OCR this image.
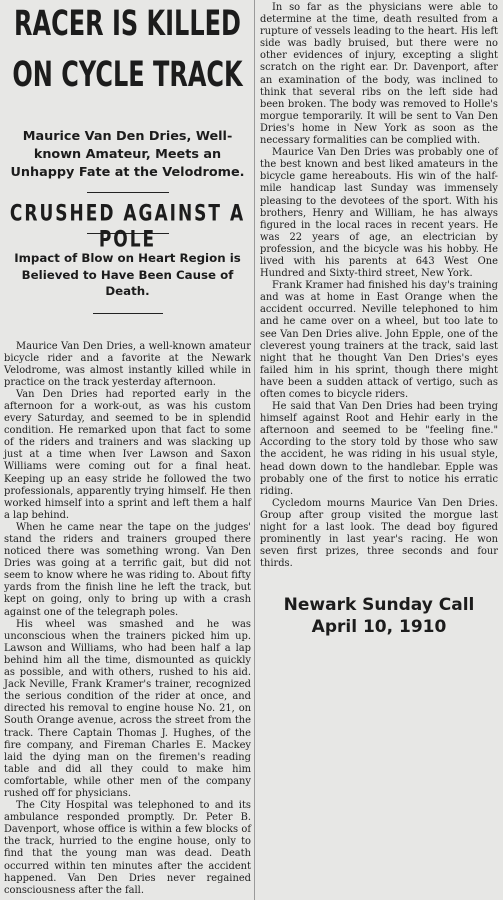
RACER IS KILLED
ON CYCLE TRACK
Maurice Van Den Dries, Well-known Amateur, Meets an Unhappy Fate at the Velodrome.
CRUSHED AGAINST A POLE
Impact of Blow on Heart Region is Believed to Have Been Cause of Death.

Maurice Van Den Dries, a well-known amateur bicycle rider and a favorite at the Newark Velodrome, was almost instantly killed while in practice on the track yesterday afternoon.

Van Den Dries had reported early in the afternoon for a work-out, as was his custom every Saturday, and seemed to be in splendid condition. He remarked upon that fact to some of the riders and trainers and was slacking up just at a time when Iver Lawson and Saxon Williams were coming out for a final heat. Keeping up an easy stride he followed the two professionals, apparently trying himself. He then worked himself into a sprint and left them a half a lap behind.

When he came near the tape on the judges' stand the riders and trainers grouped there noticed there was something wrong. Van Den Dries was going at a terrific gait, but did not seem to know where he was riding to. About fifty yards from the finish line he left the track, but kept on going, only to bring up with a crash against one of the telegraph poles.

His wheel was smashed and he was unconscious when the trainers picked him up. Lawson and Williams, who had been half a lap behind him all the time, dismounted as quickly as possible, and with others, rushed to his aid. Jack Neville, Frank Kramer's trainer, recognized the serious condition of the rider at once, and directed his removal to engine house No. 21, on South Orange avenue, across the street from the track. There Captain Thomas J. Hughes, of the fire company, and Fireman Charles E. Mackey laid the dying man on the firemen's reading table and did all they could to make him comfortable, while other men of the company rushed off for physicians.

The City Hospital was telephoned to and its ambulance responded promptly. Dr. Peter B. Davenport, whose office is within a few blocks of the track, hurried to the engine house, only to find that the young man was dead. Death occurred within ten minutes after the accident happened. Van Den Dries never regained consciousness after the fall.

In so far as the physicians were able to determine at the time, death resulted from a rupture of vessels leading to the heart. His left side was badly bruised, but there were no other evidences of injury, excepting a slight scratch on the right ear. Dr. Davenport, after an examination of the body, was inclined to think that several ribs on the left side had been broken. The body was removed to Holle's morgue temporarily. It will be sent to Van Den Dries's home in New York as soon as the necessary formalities can be complied with.

Maurice Van Den Dries was probably one of the best known and best liked amateurs in the bicycle game hereabouts. His win of the half-mile handicap last Sunday was immensely pleasing to the devotees of the sport. With his brothers, Henry and William, he has always figured in the local races in recent years. He was 22 years of age, an electrician by profession, and the bicycle was his hobby. He lived with his parents at 643 West One Hundred and Sixty-third street, New York.

Frank Kramer had finished his day's training and was at home in East Orange when the accident occurred. Neville telephoned to him and he came over on a wheel, but too late to see Van Den Dries alive. John Epple, one of the cleverest young trainers at the track, said last night that he thought Van Den Dries's eyes failed him in his sprint, though there might have been a sudden attack of vertigo, such as often comes to bicycle riders.

He said that Van Den Dries had been trying himself against Root and Hehir early in the afternoon and seemed to be "feeling fine." According to the story told by those who saw the accident, he was riding in his usual style, head down down to the handlebar. Epple was probably one of the first to notice his erratic riding.

Cycledom mourns Maurice Van Den Dries. Group after group visited the morgue last night for a last look. The dead boy figured prominently in last year's racing. He won seven first prizes, three seconds and four thirds.

Newark Sunday Call
April 10, 1910
